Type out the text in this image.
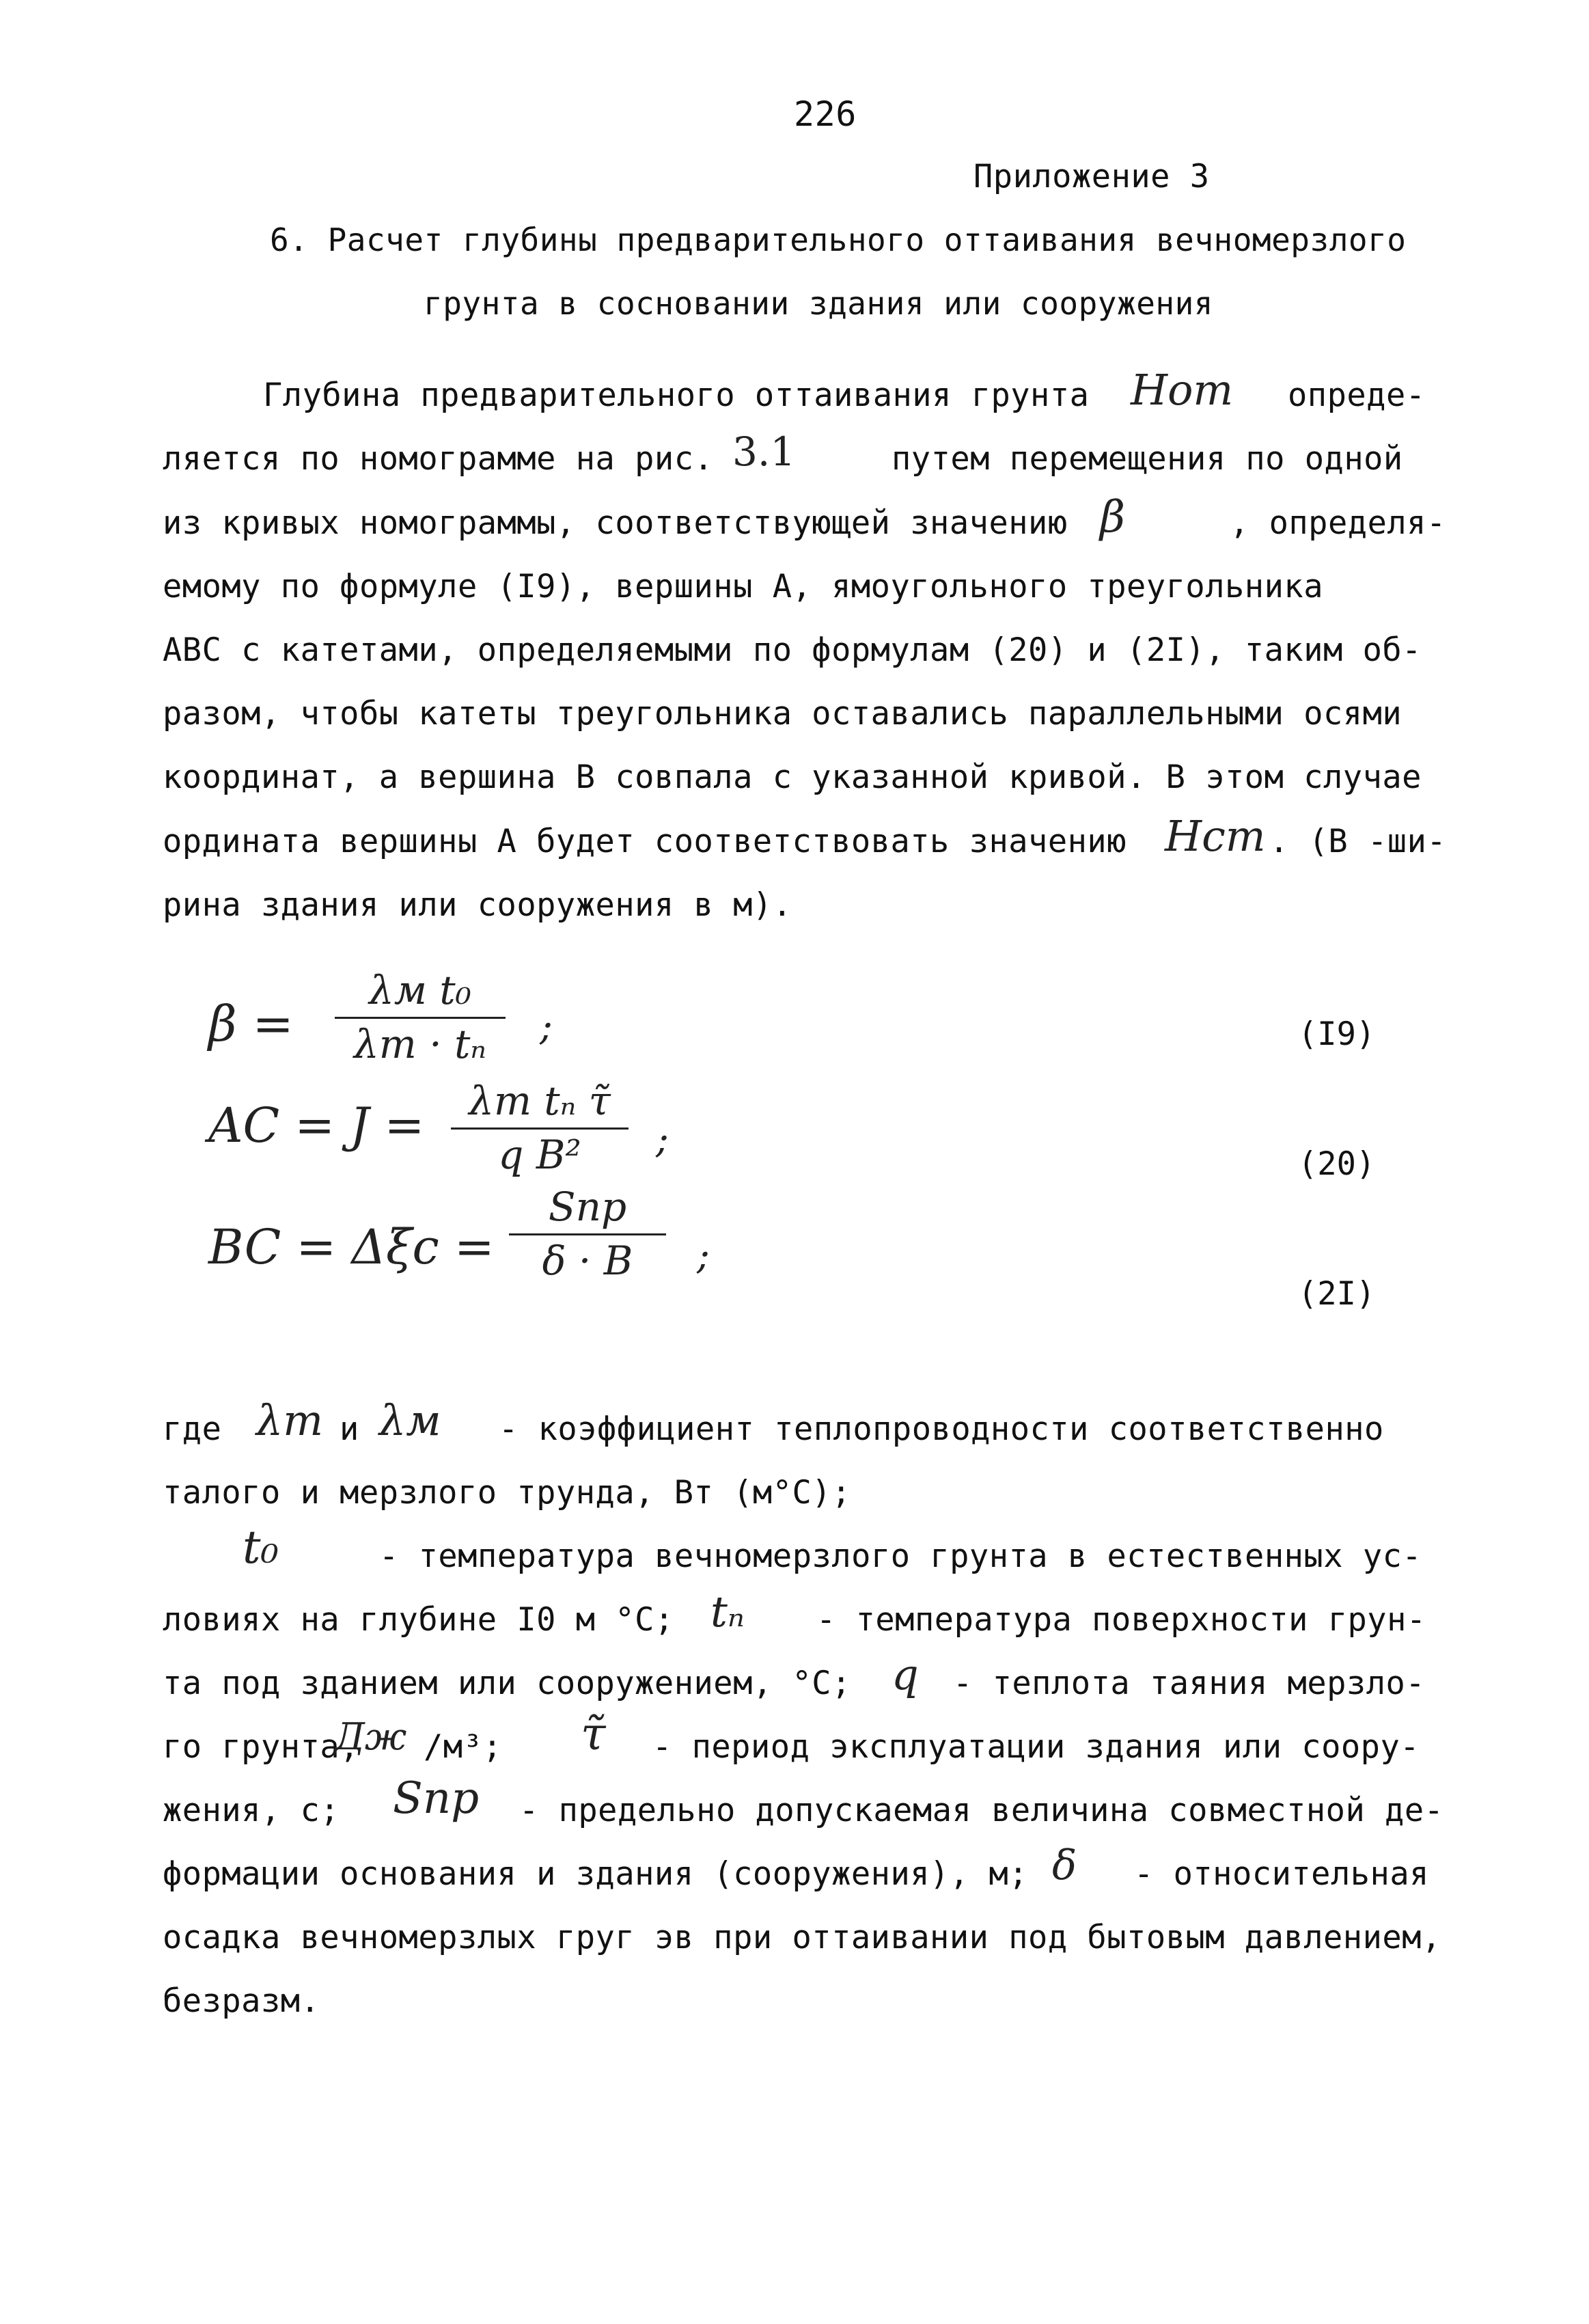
226
Приложение 3
6. Расчет глубины предварительного оттаивания вечномерзлого
грунта в сосновании здания или сооружения
Глубина предварительного оттаивания грунта Hот опреде-
ляется по номограмме на рис. 3.1	путем перемещения по одной
из кривых номограммы, соответствующей значению β	, определя-
емому по формуле (I9), вершины A, ямоугольного треугольника
ABC с катетами, определяемыми по формулам (20) и (2I), таким об-
разом, чтобы катеты треугольника оставались параллельными осями
координат, а вершина B совпала с указанной кривой. В этом случае
ордината вершины A будет соответствовать значению Hст . (B -ши-
рина здания или сооружения в м).
β =
λм t₀
λт · tₙ	;	(I9)
AC = J =	λт tₙ τ̃
q B²	;
(20)
BC = Δξc =
Sпр
δ · B	;
(2I)
где λт и λм - коэффициент теплопроводности соответственно
талого и мерзлого трунда, Вт (м°С);
t₀	- температура вечномерзлого грунта в естественных ус-
ловиях на глубине I0 м °С; tₙ - температура поверхности грун-
та под зданием или сооружением, °С; q - теплота таяния мерзло-
го грунта,
Дж /м³; τ̃ - период эксплуатации здания или соору-
жения, с; Sпр - предельно допускаемая величина совместной де-
формации основания и здания (сооружения), м; δ - относительная
осадка вечномерзлых груг эв при оттаивании под бытовым давлением,
безразм.
